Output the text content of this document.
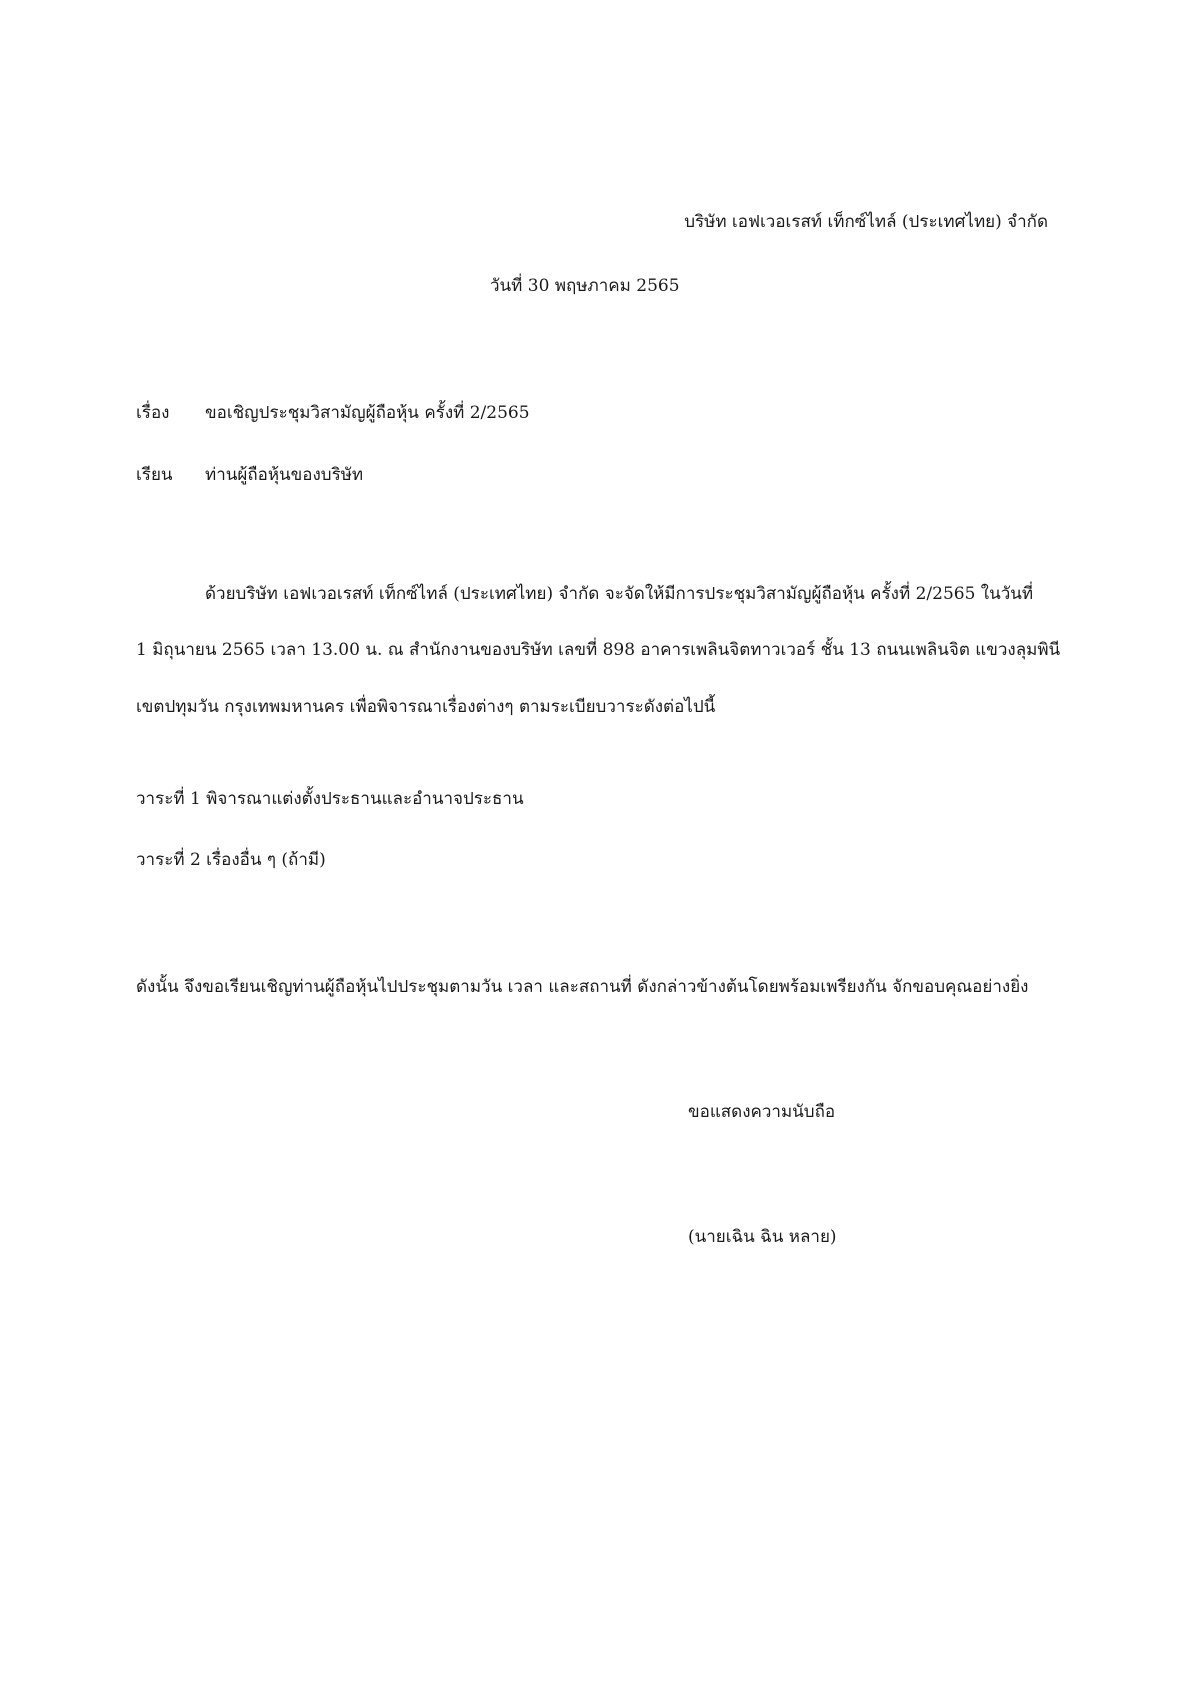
บริษัท เอฟเวอเรสท์ เท็กซ์ไทล์ (ประเทศไทย) จำกัด
วันที่ 30 พฤษภาคม 2565
เรื่อง ขอเชิญประชุมวิสามัญผู้ถือหุ้น ครั้งที่ 2/2565
เรียน ท่านผู้ถือหุ้นของบริษัท
ด้วยบริษัท เอฟเวอเรสท์ เท็กซ์ไทล์ (ประเทศไทย) จำกัด จะจัดให้มีการประชุมวิสามัญผู้ถือหุ้น ครั้งที่ 2/2565 ในวันที่
1 มิถุนายน 2565 เวลา 13.00 น. ณ สำนักงานของบริษัท เลขที่ 898 อาคารเพลินจิตทาวเวอร์ ชั้น 13 ถนนเพลินจิต แขวงลุมพินี
เขตปทุมวัน กรุงเทพมหานคร เพื่อพิจารณาเรื่องต่างๆ ตามระเบียบวาระดังต่อไปนี้
วาระที่ 1 พิจารณาแต่งตั้งประธานและอำนาจประธาน
วาระที่ 2 เรื่องอื่น ๆ (ถ้ามี)
ดังนั้น จึงขอเรียนเชิญท่านผู้ถือหุ้นไปประชุมตามวัน เวลา และสถานที่ ดังกล่าวข้างต้นโดยพร้อมเพรียงกัน จักขอบคุณอย่างยิ่ง
ขอแสดงความนับถือ
(นายเฉิน ฉิน หลาย)
